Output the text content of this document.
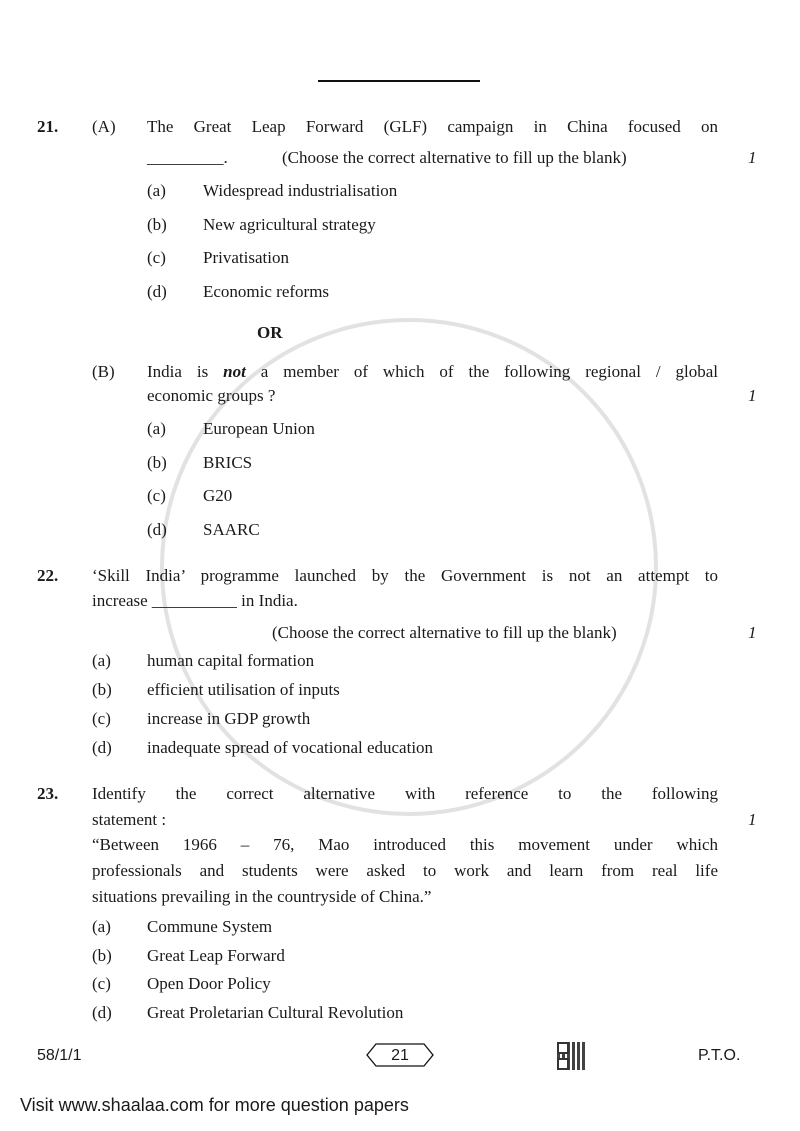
21. (A) The Great Leap Forward (GLF) campaign in China focused on
_________.	(Choose the correct alternative to fill up the blank)	1
OR
(B) India is not a member of which of the following regional / global
economic groups ?	1
22. ‘Skill India’ programme launched by the Government is not an attempt to
increase __________ in India.
(Choose the correct alternative to fill up the blank)	1
23. Identify the correct alternative with reference to the following
statement :	1
“Between 1966 – 76, Mao introduced this movement under which
professionals and students were asked to work and learn from real life
situations prevailing in the countryside of China.”
(a) Widespread industrialisation
(b) New agricultural strategy
(c) Privatisation
(d) Economic reforms
(a) European Union
(b) BRICS
(c) G20
(d) SAARC
(a) human capital formation
(b) efficient utilisation of inputs
(c) increase in GDP growth
(d) inadequate spread of vocational education
(a) Commune System
(b) Great Leap Forward
(c) Open Door Policy
(d) Great Proletarian Cultural Revolution
58/1/1	21	P.T.O.
Visit www.shaalaa.com for more question papers
